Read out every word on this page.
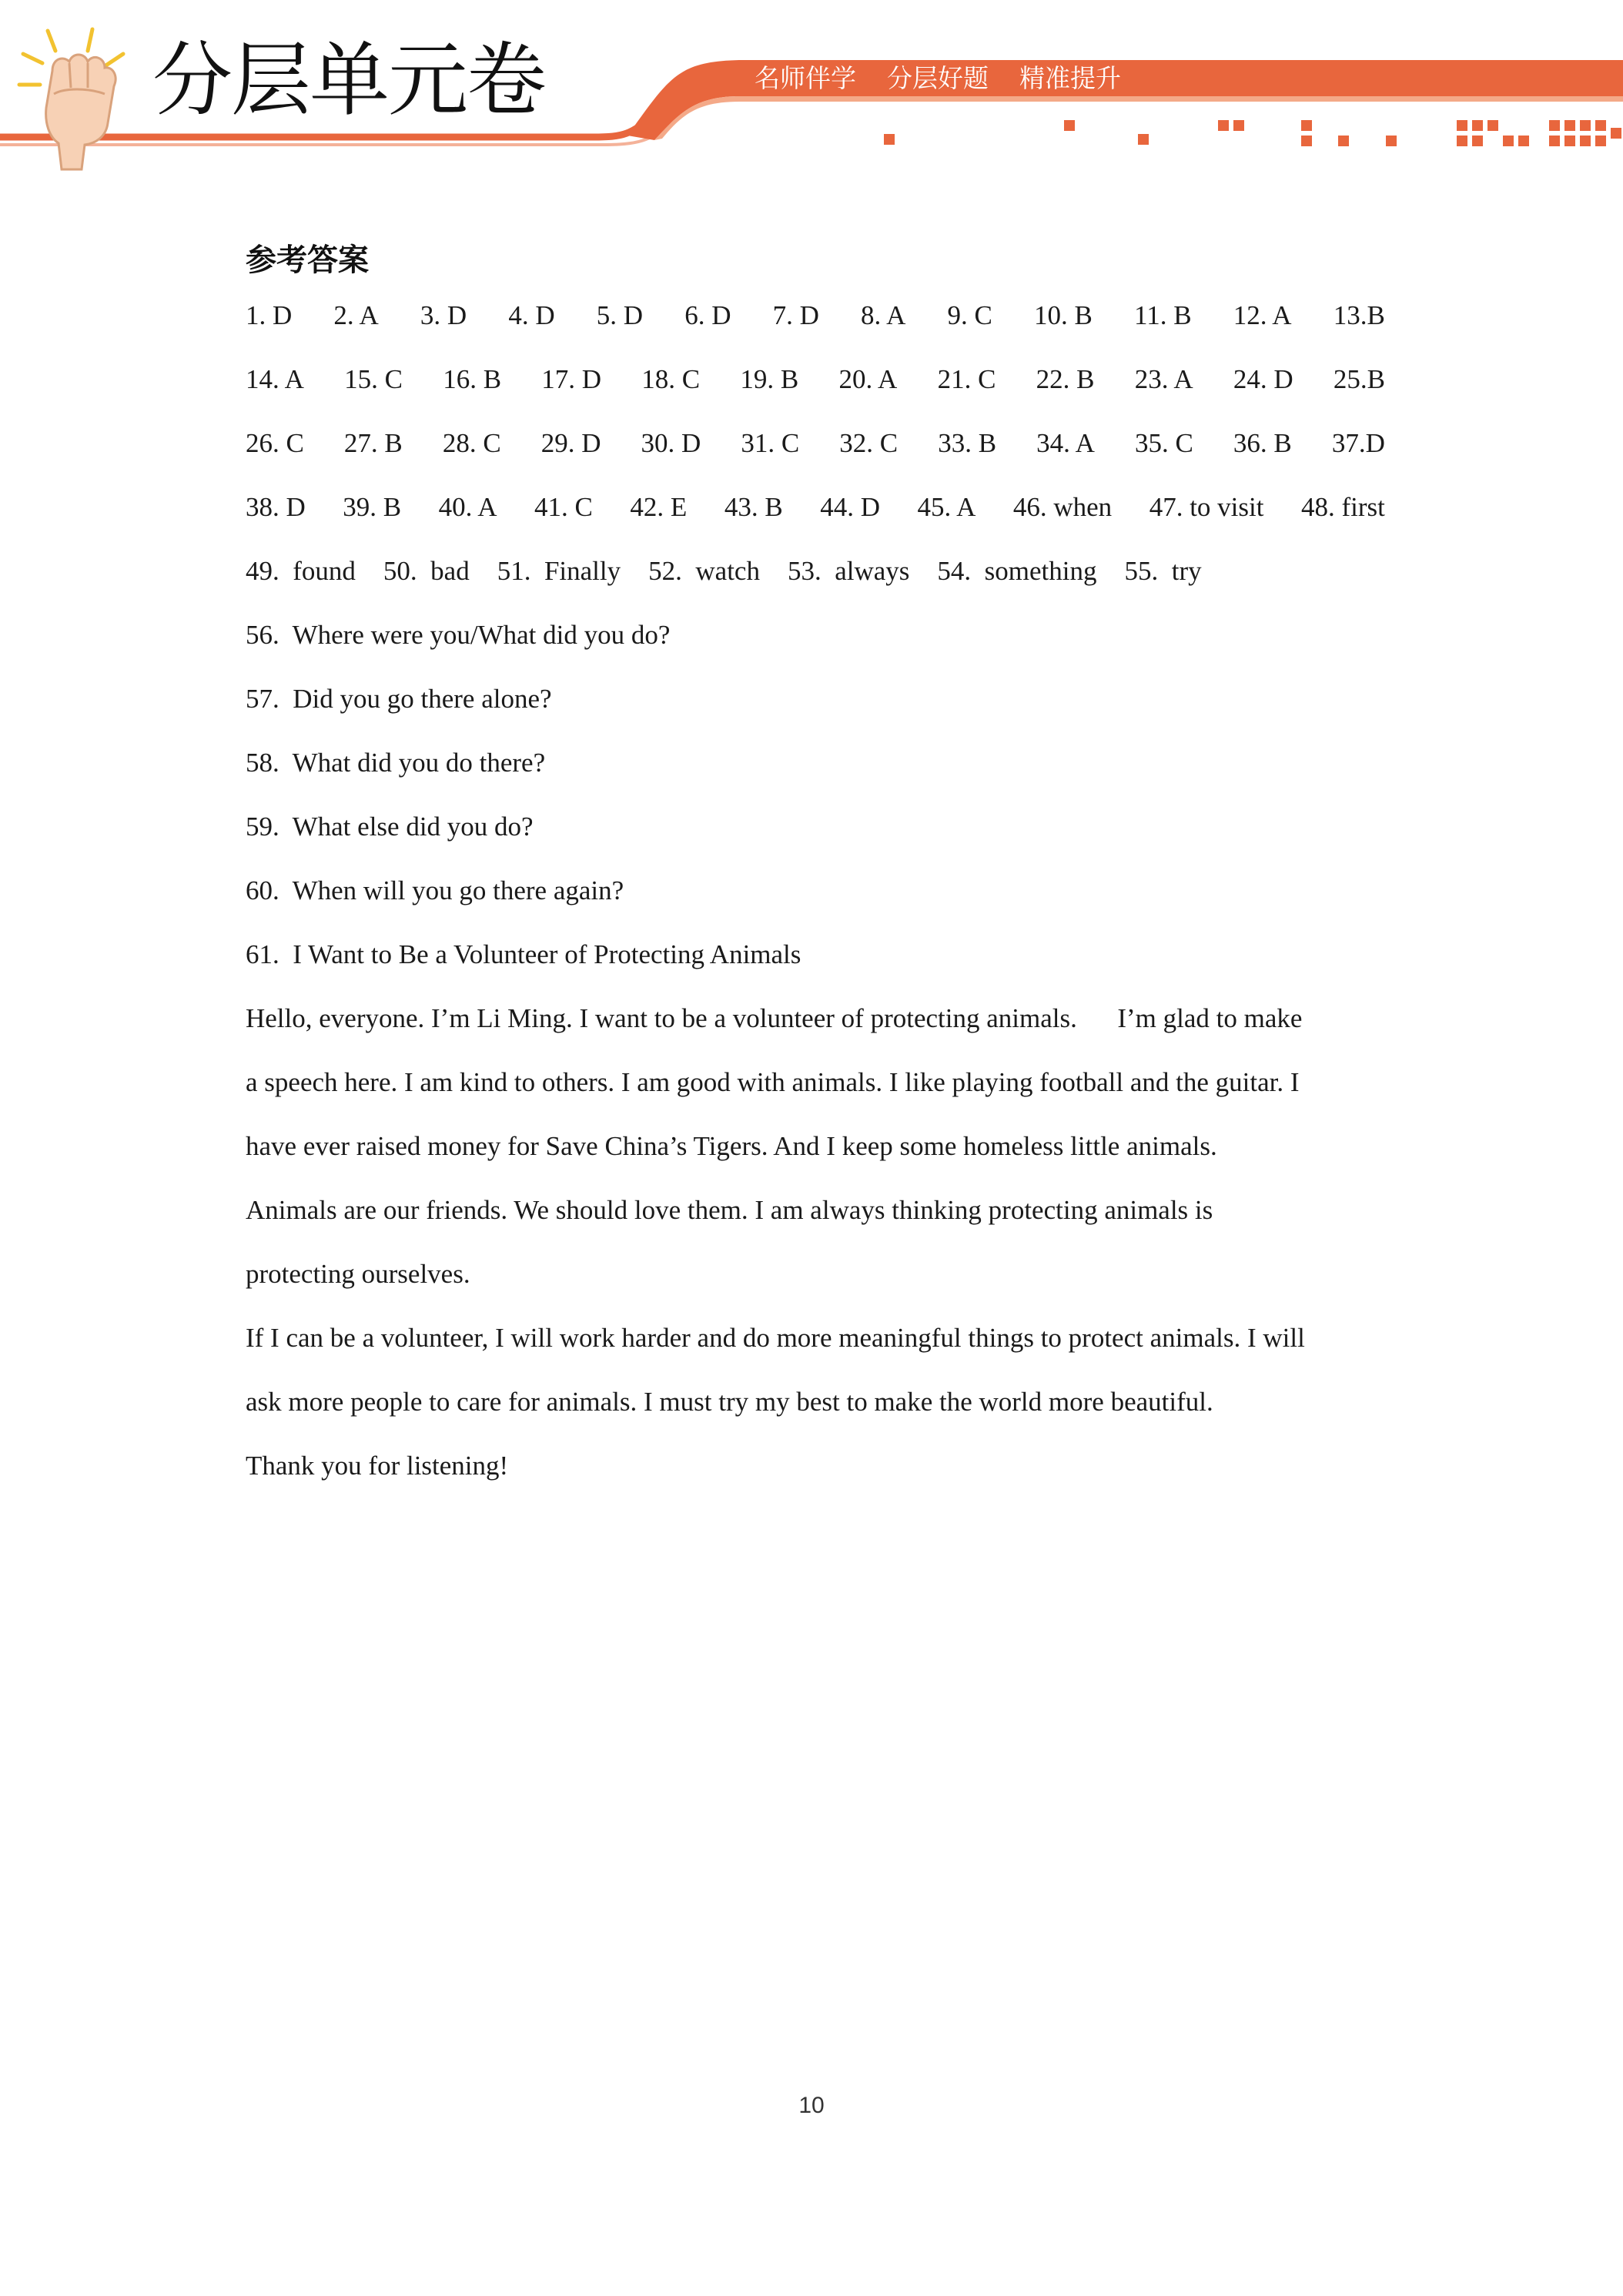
分层单元卷	名师伴学 分层好题 精准提升
参考答案
1. D 2. A 3. D 4. D 5. D 6. D 7. D 8. A 9. C 10. B 11. B 12. A 13.B
14. A 15. C 16. B 17. D 18. C 19. B 20. A 21. C 22. B 23. A 24. D 25.B
26. C 27. B 28. C 29. D 30. D 31. C 32. C 33. B 34. A 35. C 36. B 37.D
38. D 39. B 40. A 41. C 42. E 43. B 44. D 45. A 46. when 47. to visit 48. first
49.  found 50.  bad 51.  Finally 52.  watch 53.  always 54.  something 55.  try
56.  Where were you/What did you do?
57.  Did you go there alone?
58.  What did you do there?
59.  What else did you do?
60.  When will you go there again?
61.  I Want to Be a Volunteer of Protecting Animals
Hello, everyone. I’m Li Ming. I want to be a volunteer of protecting animals.      I’m glad to make
a speech here. I am kind to others. I am good with animals. I like playing football and the guitar. I
have ever raised money for Save China’s Tigers. And I keep some homeless little animals.
Animals are our friends. We should love them. I am always thinking protecting animals is
protecting ourselves.
If I can be a volunteer, I will work harder and do more meaningful things to protect animals. I will
ask more people to care for animals. I must try my best to make the world more beautiful.
Thank you for listening!
10
